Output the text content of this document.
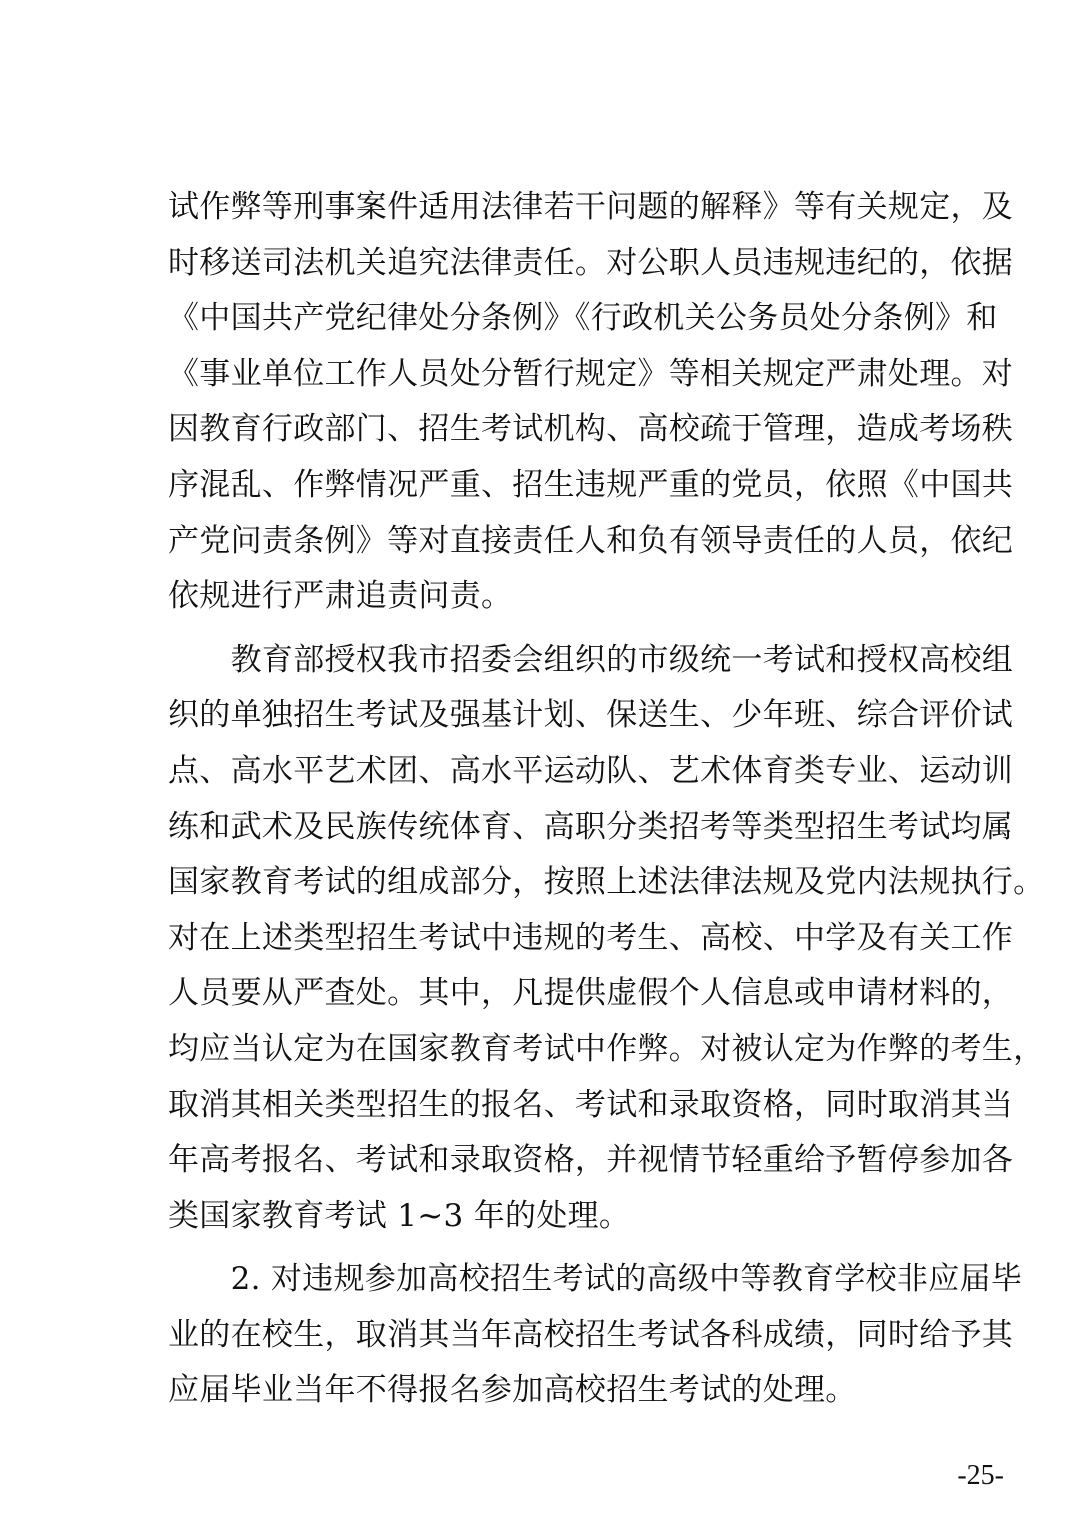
试作弊等刑事案件适用法律若干问题的解释》等有关规定，及
时移送司法机关追究法律责任。对公职人员违规违纪的，依据
《中国共产党纪律处分条例》《行政机关公务员处分条例》和
《事业单位工作人员处分暂行规定》等相关规定严肃处理。对
因教育行政部门、招生考试机构、高校疏于管理，造成考场秩
序混乱、作弊情况严重、招生违规严重的党员，依照《中国共
产党问责条例》等对直接责任人和负有领导责任的人员，依纪
依规进行严肃追责问责。
　　教育部授权我市招委会组织的市级统一考试和授权高校组
织的单独招生考试及强基计划、保送生、少年班、综合评价试
点、高水平艺术团、高水平运动队、艺术体育类专业、运动训
练和武术及民族传统体育、高职分类招考等类型招生考试均属
国家教育考试的组成部分，按照上述法律法规及党内法规执行。
对在上述类型招生考试中违规的考生、高校、中学及有关工作
人员要从严查处。其中，凡提供虚假个人信息或申请材料的，
均应当认定为在国家教育考试中作弊。对被认定为作弊的考生，
取消其相关类型招生的报名、考试和录取资格，同时取消其当
年高考报名、考试和录取资格，并视情节轻重给予暂停参加各
类国家教育考试 1~3 年的处理。
　　2. 对违规参加高校招生考试的高级中等教育学校非应届毕
业的在校生，取消其当年高校招生考试各科成绩，同时给予其
应届毕业当年不得报名参加高校招生考试的处理。
-25-
